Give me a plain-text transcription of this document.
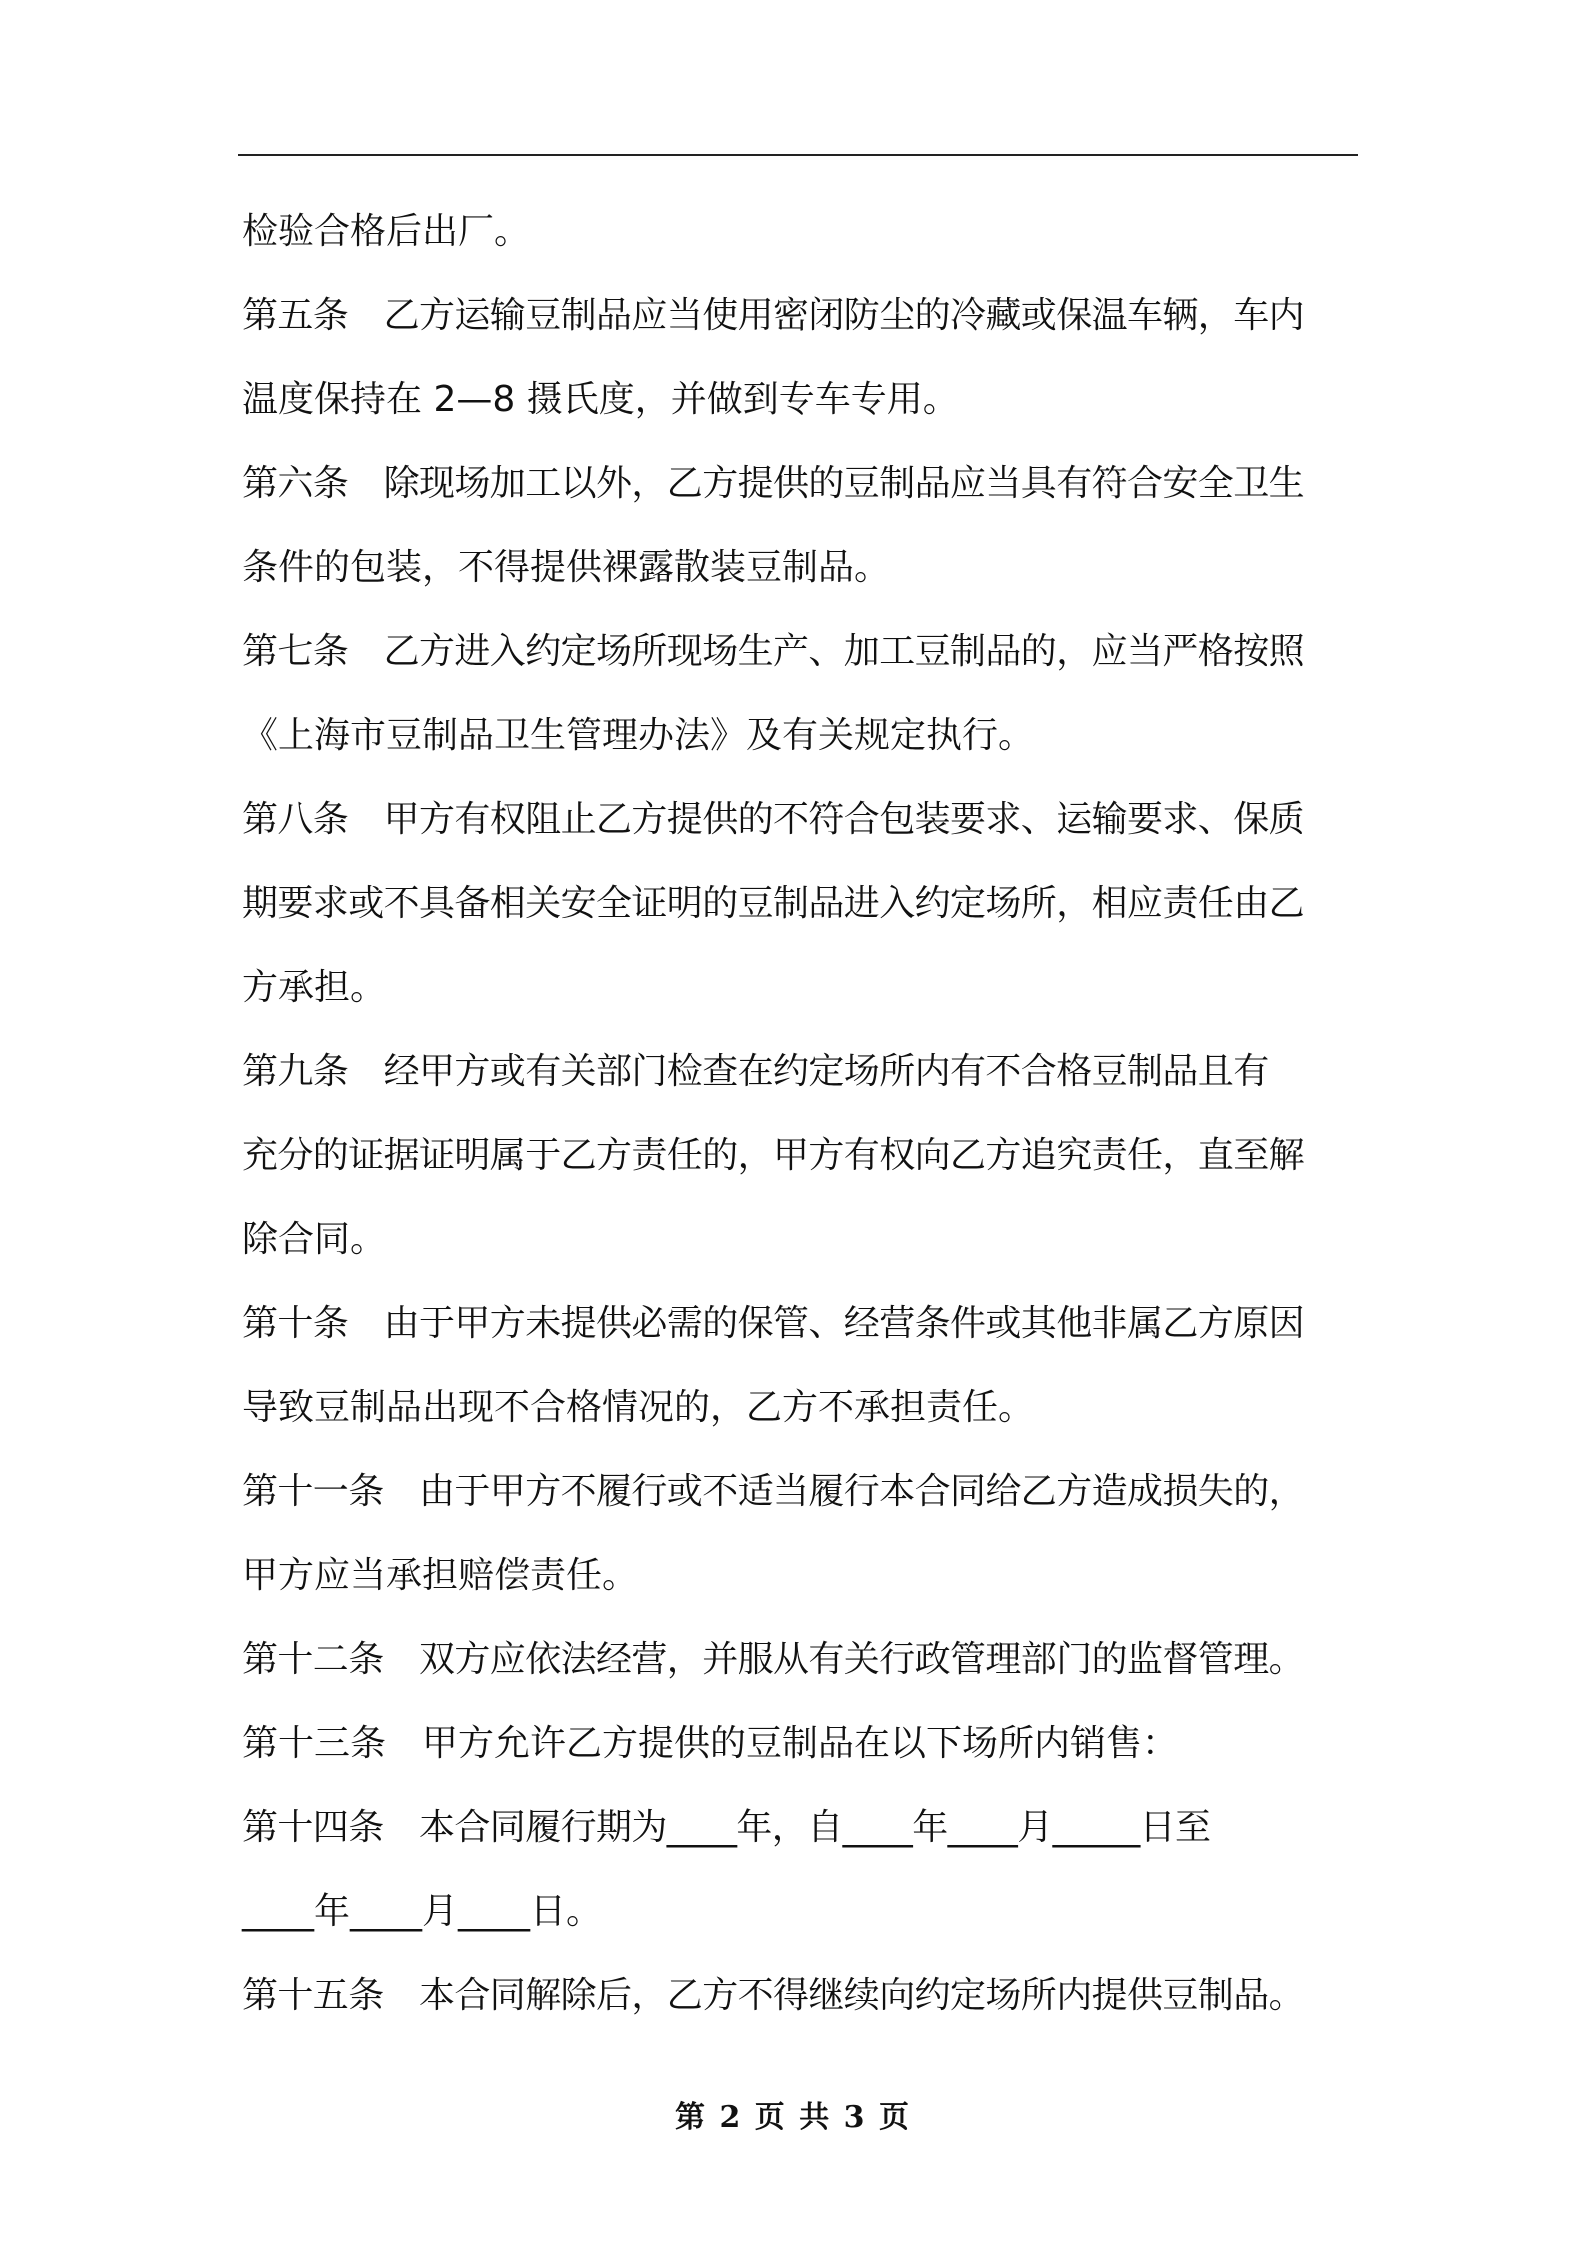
检验合格后出厂。
第五条　乙方运输豆制品应当使用密闭防尘的冷藏或保温车辆，车内
温度保持在 2—8 摄氏度，并做到专车专用。
第六条　除现场加工以外，乙方提供的豆制品应当具有符合安全卫生
条件的包装，不得提供裸露散装豆制品。
第七条　乙方进入约定场所现场生产、加工豆制品的，应当严格按照
《上海市豆制品卫生管理办法》及有关规定执行。
第八条　甲方有权阻止乙方提供的不符合包装要求、运输要求、保质
期要求或不具备相关安全证明的豆制品进入约定场所，相应责任由乙
方承担。
第九条　经甲方或有关部门检查在约定场所内有不合格豆制品且有
充分的证据证明属于乙方责任的，甲方有权向乙方追究责任，直至解
除合同。
第十条　由于甲方未提供必需的保管、经营条件或其他非属乙方原因
导致豆制品出现不合格情况的，乙方不承担责任。
第十一条　由于甲方不履行或不适当履行本合同给乙方造成损失的，
甲方应当承担赔偿责任。
第十二条　双方应依法经营，并服从有关行政管理部门的监督管理。
第十三条　甲方允许乙方提供的豆制品在以下场所内销售：
第十四条　本合同履行期为____年，自____年____月_____日至
____年____月____日。
第十五条　本合同解除后，乙方不得继续向约定场所内提供豆制品。
第 2 页 共 3 页
